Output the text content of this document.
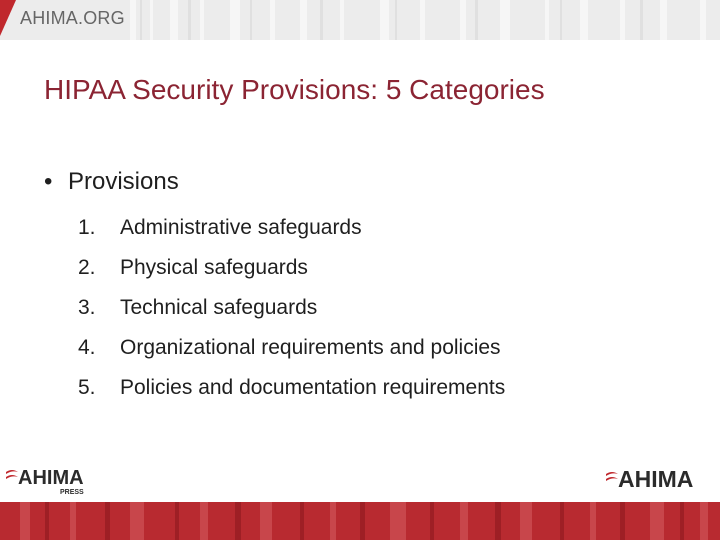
AHIMA.ORG
HIPAA Security Provisions: 5 Categories
• Provisions
1. Administrative safeguards
2. Physical safeguards
3. Technical safeguards
4. Organizational requirements and policies
5. Policies and documentation requirements
AHIMA
PRESS
AHIMA
